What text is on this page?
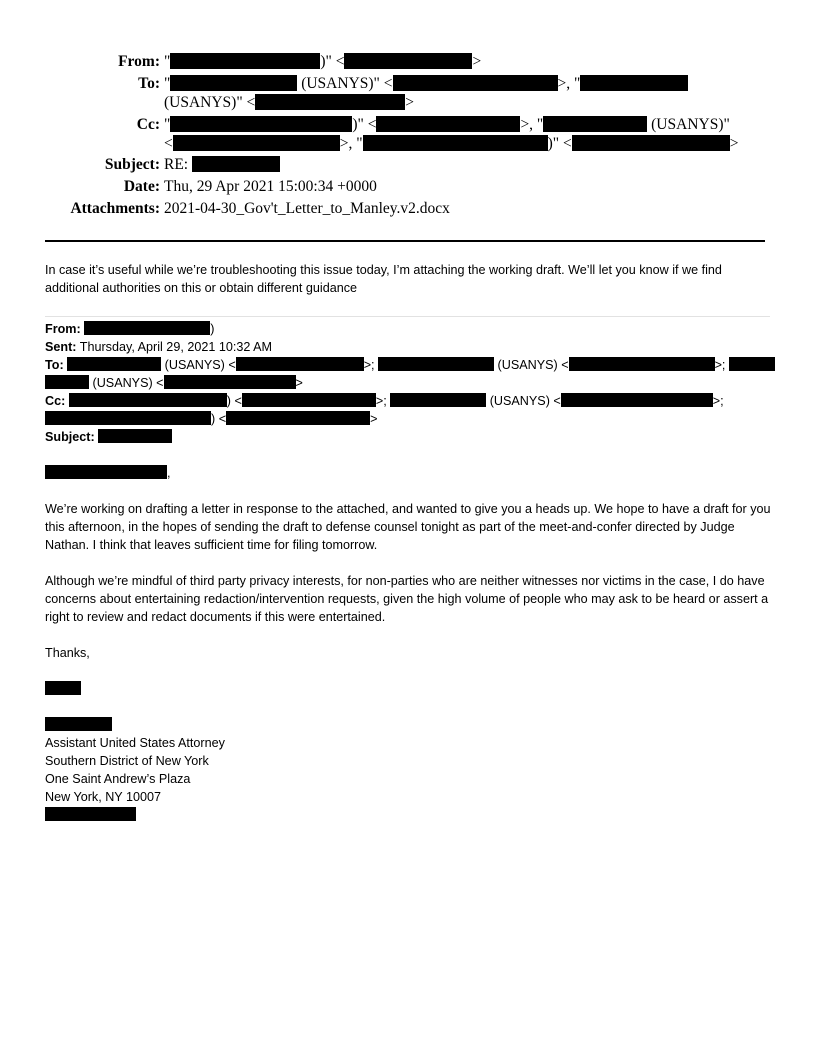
From: "	)" <	>
To: "	(USANYS)" <	>, "
(USANYS)" <	>
Cc: "	)" <	>, "	(USANYS)"
<	>, "	)" <	>
Subject: RE:
Date: Thu, 29 Apr 2021 15:00:34 +0000
Attachments: 2021-04-30_Gov't_Letter_to_Manley.v2.docx
In case it’s useful while we’re troubleshooting this issue today, I’m attaching the working draft. We’ll let you know if we find additional authorities on this or obtain different guidance
From:	)
Sent: Thursday, April 29, 2021 10:32 AM
To:	(USANYS) <	>;	(USANYS) <	>;
(USANYS) <	>
Cc:	) <	>;	(USANYS) <	>;
) <	>
Subject:
,
We’re working on drafting a letter in response to the attached, and wanted to give you a heads up. We hope to have a draft for you this afternoon, in the hopes of sending the draft to defense counsel tonight as part of the meet-and-confer directed by Judge Nathan. I think that leaves sufficient time for filing tomorrow.
Although we’re mindful of third party privacy interests, for non-parties who are neither witnesses nor victims in the case, I do have concerns about entertaining redaction/intervention requests, given the high volume of people who may ask to be heard or assert a right to review and redact documents if this were entertained.
Thanks,
Assistant United States Attorney
Southern District of New York
One Saint Andrew’s Plaza
New York, NY 10007
